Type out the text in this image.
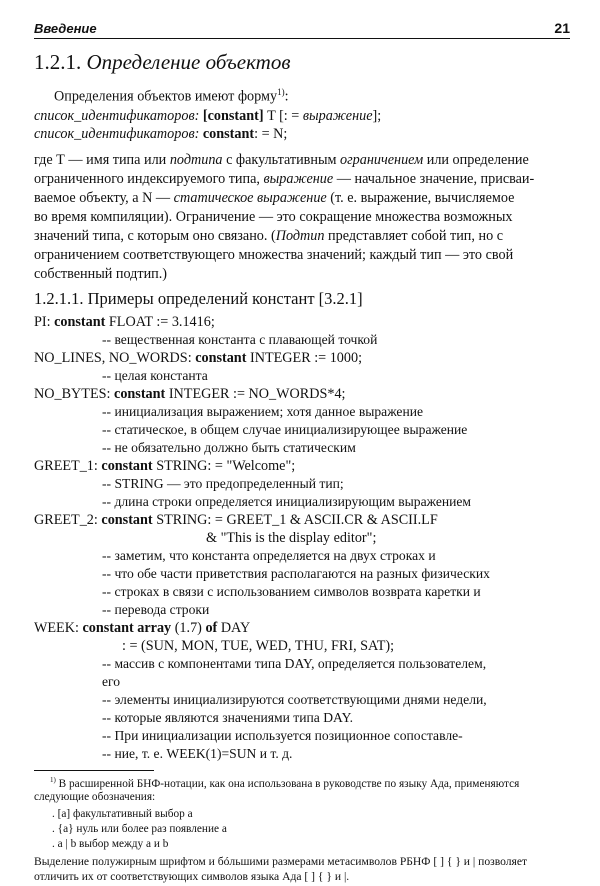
Введение	21
1.2.1. Определение объектов
Определения объектов имеют форму$^{1)}$:
список_идентификаторов: [constant] T [: = выражение];
список_идентификаторов: constant: = N;
где Т — имя типа или подтипа с факультативным ограничением или определение
ограниченного индексируемого типа, выражение — начальное значение, присваи-
ваемое объекту, а N — статическое выражение (т. е. выражение, вычисляемое
во время компиляции). Ограничение — это сокращение множества возможных
значений типа, с которым оно связано. (Подтип представляет собой тип, но с
ограничением соответствующего множества значений; каждый тип — это свой
собственный подтип.)
1.2.1.1. Примеры определений констант [3.2.1]
PI: constant FLOAT := 3.1416;
-- вещественная константа с плавающей точкой
NO_LINES, NO_WORDS: constant INTEGER := 1000;
-- целая константа
NO_BYTES: constant INTEGER := NO_WORDS*4;
-- инициализация выражением; хотя данное выражение
-- статическое, в общем случае инициализирующее выражение
-- не обязательно должно быть статическим
GREET_1: constant STRING: = "Welcome";
-- STRING — это предопределенный тип;
-- длина строки определяется инициализирующим выражением
GREET_2: constant STRING: = GREET_1 & ASCII.CR & ASCII.LF
& "This is the display editor";
-- заметим, что константа определяется на двух строках и
-- что обе части приветствия располагаются на разных физических
-- строках в связи с использованием символов возврата каретки и
-- перевода строки
WEEK: constant array (1.7) of DAY
: = (SUN, MON, TUE, WED, THU, FRI, SAT);
-- массив с компонентами типа DAY, определяется пользователем,
его
-- элементы инициализируются соответствующими днями недели,
-- которые являются значениями типа DAY.
-- При инициализации используется позиционное сопоставле-
-- ние, т. е. WEEK(1)=SUN и т. д.
$^{1)}$ В расширенной БНФ-нотации, как она использована в руководстве по языку Ада, применяются
следующие обозначения:
. [a] факультативный выбор a
. {a} нуль или более раз появление a
. a | b выбор между a и b
Выделение полужирным шрифтом и бóльшими размерами метасимволов РБНФ [ ] { } и | позволяет
отличить их от соответствующих символов языка Ада [ ] { } и |.
